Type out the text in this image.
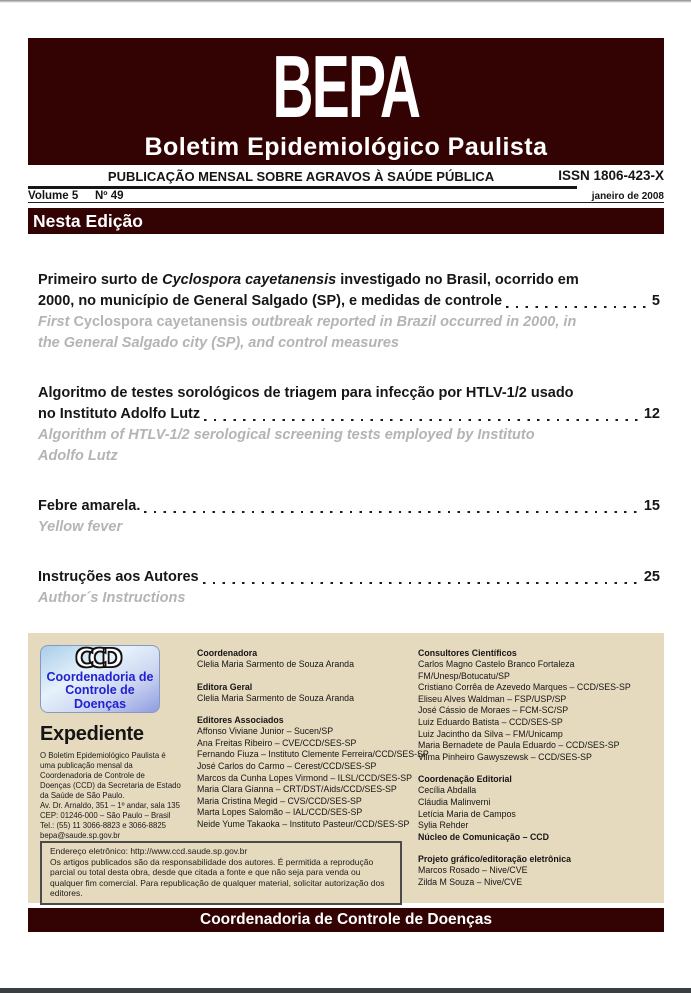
BEPA
Boletim Epidemiológico Paulista
PUBLICAÇÃO MENSAL SOBRE AGRAVOS À SAÚDE PÚBLICA	ISSN 1806-423-X
Volume 5 Nº 49	janeiro de 2008
Nesta Edição
Primeiro surto de Cyclospora cayetanensis investigado no Brasil, ocorrido em
2000, no município de General Salgado (SP), e medidas de controle	5
First Cyclospora cayetanensis outbreak reported in Brazil occurred in 2000, in
the General Salgado city (SP), and control measures
Algoritmo de testes sorológicos de triagem para infecção por HTLV-1/2 usado
no Instituto Adolfo Lutz	12
Algorithm of HTLV-1/2 serological screening tests employed by Instituto
Adolfo Lutz
Febre amarela.	15
Yellow fever
Instruções aos Autores	25
Author´s Instructions
CCD
Coordenadoria de
Controle de Doenças
Expediente
O Boletim Epidemiológico Paulista é
uma publicação mensal da
Coordenadoria de Controle de
Doenças (CCD) da Secretaria de Estado
da Saúde de São Paulo.
Av. Dr. Arnaldo, 351 – 1º andar, sala 135
CEP: 01246-000 – São Paulo – Brasil
Tel.: (55) 11 3066-8823 e 3066-8825
bepa@saude.sp.gov.br
Coordenadora
Clelia Maria Sarmento de Souza Aranda
Editora Geral
Clelia Maria Sarmento de Souza Aranda
Editores Associados
Affonso Viviane Junior – Sucen/SP
Ana Freitas Ribeiro – CVE/CCD/SES-SP
Fernando Fiuza – Instituto Clemente Ferreira/CCD/SES-SP
José Carlos do Carmo – Cerest/CCD/SES-SP
Marcos da Cunha Lopes Virmond – ILSL/CCD/SES-SP
Maria Clara Gianna – CRT/DST/Aids/CCD/SES-SP
Maria Cristina Megid – CVS/CCD/SES-SP
Marta Lopes Salomão – IAL/CCD/SES-SP
Neide Yume Takaoka – Instituto Pasteur/CCD/SES-SP
Consultores Científicos
Carlos Magno Castelo Branco Fortaleza
FM/Unesp/Botucatu/SP
Cristiano Corrêa de Azevedo Marques – CCD/SES-SP
Eliseu Alves Waldman – FSP/USP/SP
José Cássio de Moraes – FCM-SC/SP
Luiz Eduardo Batista – CCD/SES-SP
Luiz Jacintho da Silva – FM/Unicamp
Maria Bernadete de Paula Eduardo – CCD/SES-SP
Vilma Pinheiro Gawyszewsk – CCD/SES-SP
Coordenação Editorial
Cecília Abdalla
Cláudia Malinverni
Letícia Maria de Campos
Sylia Rehder
Núcleo de Comunicação – CCD
Projeto gráfico/editoração eletrônica
Marcos Rosado – Nive/CVE
Zilda M Souza – Nive/CVE
Endereço eletrônico: http://www.ccd.saude.sp.gov.br
Os artigos publicados são da responsabilidade dos autores. É permitida a reprodução parcial ou total desta obra, desde que citada a fonte e que não seja para venda ou qualquer fim comercial. Para republicação de qualquer material, solicitar autorização dos editores.
Coordenadoria de Controle de Doenças
